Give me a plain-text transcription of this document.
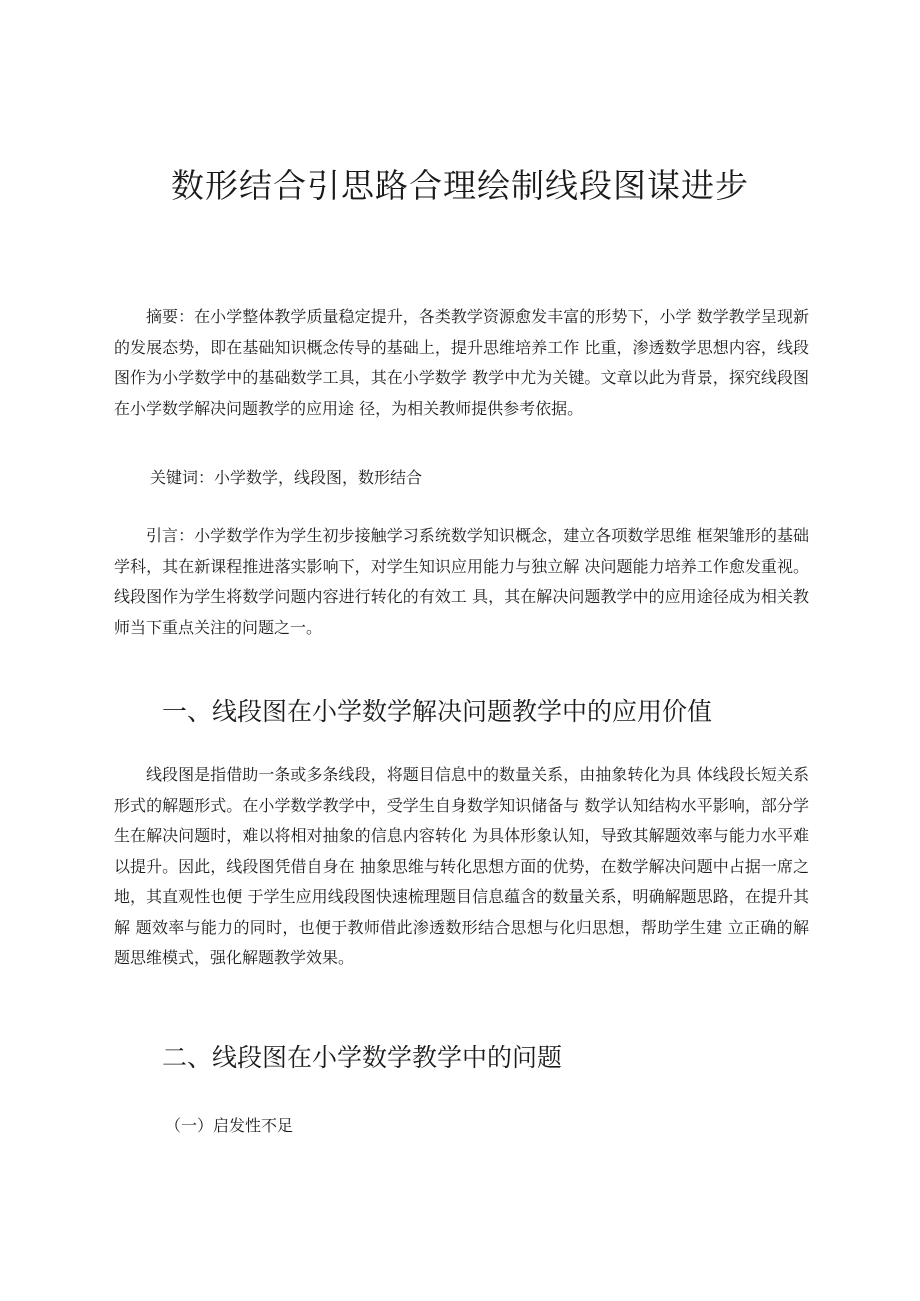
数形结合引思路合理绘制线段图谋进步

摘要：在小学整体教学质量稳定提升，各类教学资源愈发丰富的形势下，小学 数学教学呈现新的发展态势，即在基础知识概念传导的基础上，提升思维培养工作 比重，渗透数学思想内容，线段图作为小学数学中的基础数学工具，其在小学数学 教学中尤为关键。文章以此为背景，探究线段图在小学数学解决问题教学的应用途 径，为相关教师提供参考依据。

关键词：小学数学，线段图，数形结合

引言：小学数学作为学生初步接触学习系统数学知识概念，建立各项数学思维 框架雏形的基础学科，其在新课程推进落实影响下，对学生知识应用能力与独立解 决问题能力培养工作愈发重视。线段图作为学生将数学问题内容进行转化的有效工 具，其在解决问题教学中的应用途径成为相关教师当下重点关注的问题之一。

一、线段图在小学数学解决问题教学中的应用价值

线段图是指借助一条或多条线段，将题目信息中的数量关系，由抽象转化为具 体线段长短关系形式的解题形式。在小学数学教学中，受学生自身数学知识储备与 数学认知结构水平影响，部分学生在解决问题时，难以将相对抽象的信息内容转化 为具体形象认知，导致其解题效率与能力水平难以提升。因此，线段图凭借自身在 抽象思维与转化思想方面的优势，在数学解决问题中占据一席之地，其直观性也便 于学生应用线段图快速梳理题目信息蕴含的数量关系，明确解题思路，在提升其解 题效率与能力的同时，也便于教师借此渗透数形结合思想与化归思想，帮助学生建 立正确的解题思维模式，强化解题教学效果。

二、线段图在小学数学教学中的问题
（一）启发性不足
